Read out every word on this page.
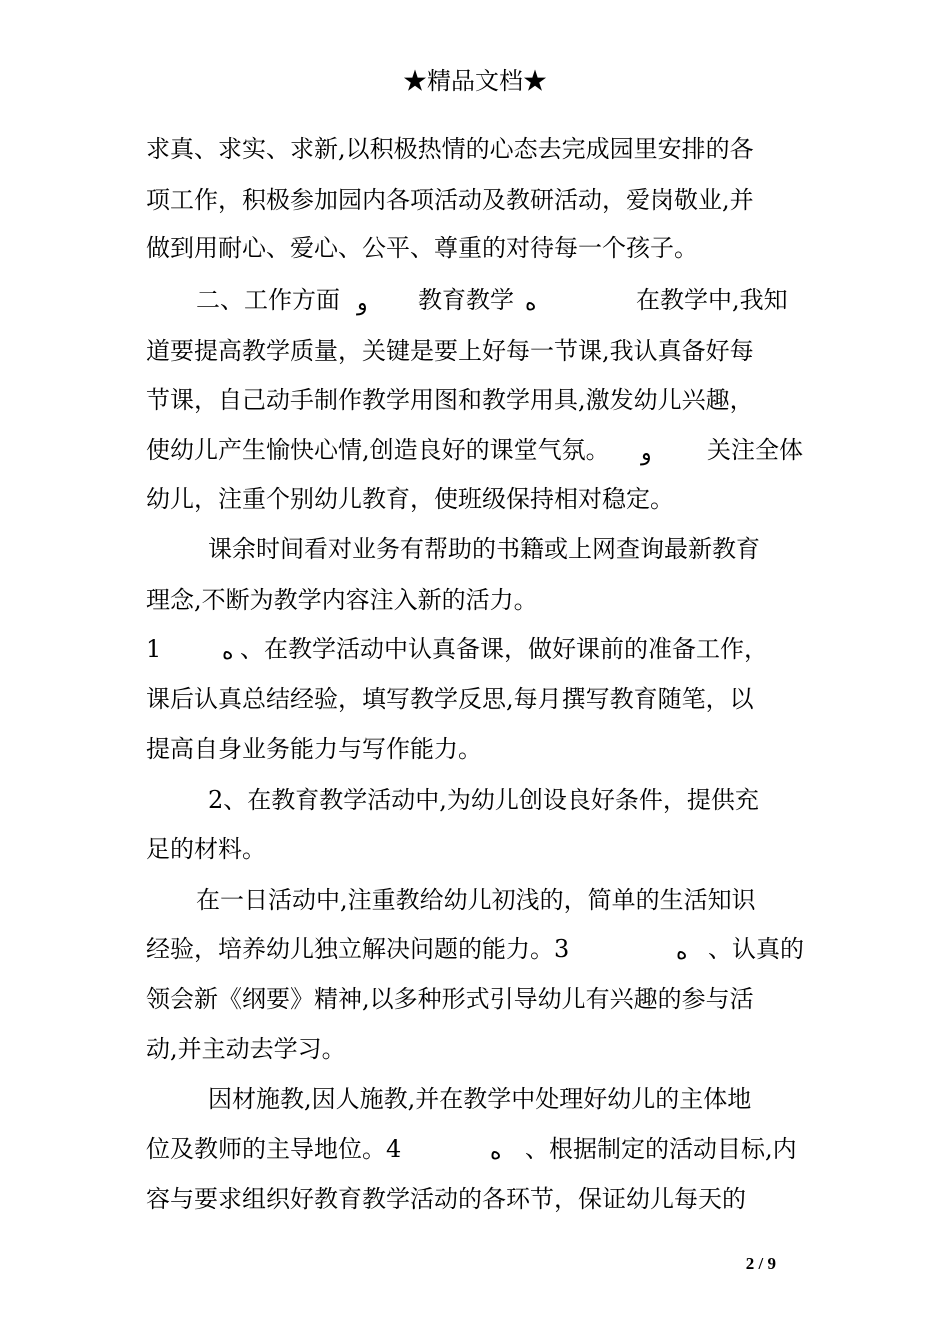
★精品文档★
求真、求实、求新,以积极热情的心态去完成园里安排的各
项工作，积极参加园内各项活动及教研活动，爱岗敬业,并
做到用耐心、爱心、公平、尊重的对待每一个孩子。
二、工作方面 و 教育教学 ﻩ	在教学中,我知
道要提高教学质量，关键是要上好每一节课,我认真备好每
节课，自己动手制作教学用图和教学用具,激发幼儿兴趣，
使幼儿产生愉快心情,创造良好的课堂气氛。 و 关注全体
幼儿，注重个别幼儿教育，使班级保持相对稳定。
课余时间看对业务有帮助的书籍或上网查询最新教育
理念,不断为教学内容注入新的活力。
1	ﻩ 、在教学活动中认真备课，做好课前的准备工作，
课后认真总结经验，填写教学反思,每月撰写教育随笔，以
提高自身业务能力与写作能力。
2、在教育教学活动中,为幼儿创设良好条件，提供充
足的材料。
在一日活动中,注重教给幼儿初浅的，简单的生活知识
经验，培养幼儿独立解决问题的能力。3	ﻩ 、认真的
领会新《纲要》精神,以多种形式引导幼儿有兴趣的参与活
动,并主动去学习。
因材施教,因人施教,并在教学中处理好幼儿的主体地
位及教师的主导地位。4	ﻩ 、根据制定的活动目标,内
容与要求组织好教育教学活动的各环节，保证幼儿每天的
2 / 9
